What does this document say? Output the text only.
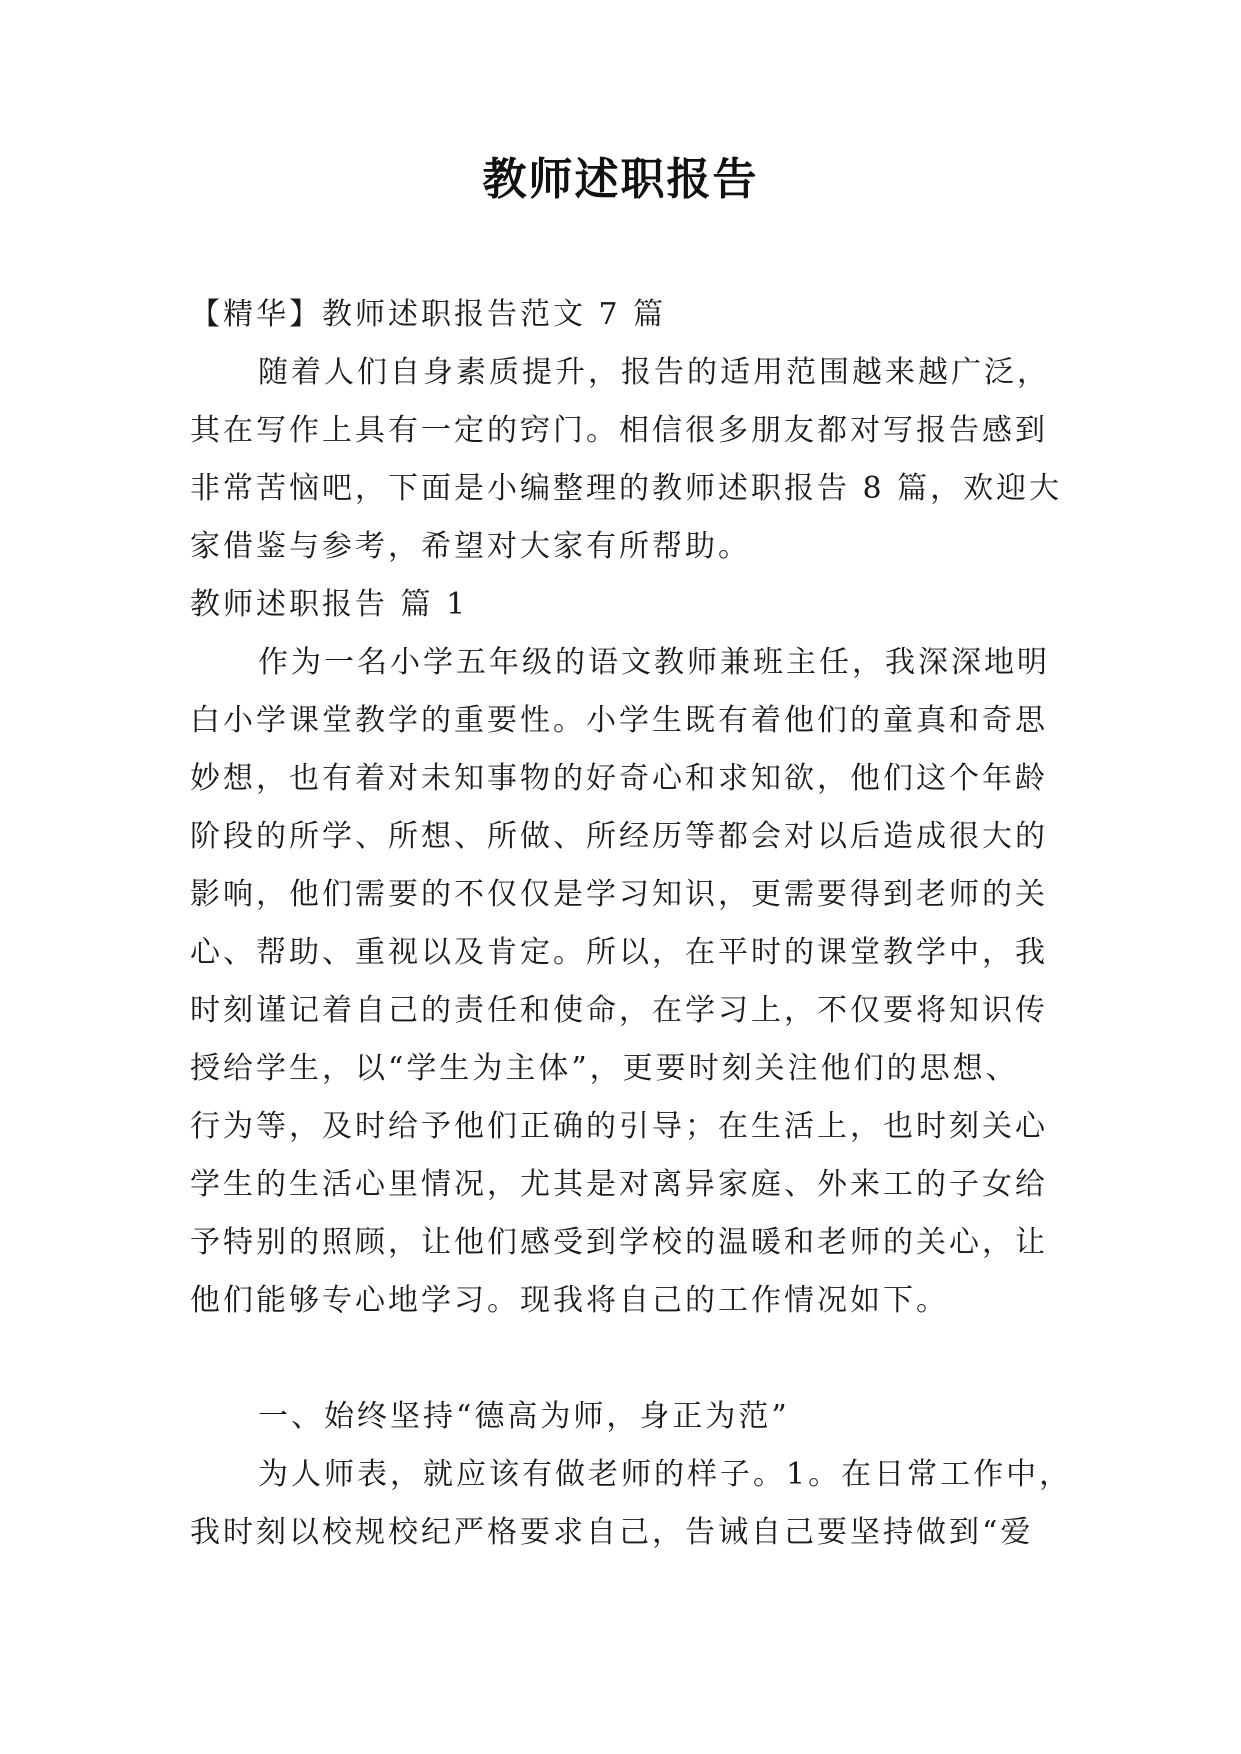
教师述职报告
【精华】教师述职报告范文 7 篇
随着人们自身素质提升，报告的适用范围越来越广泛，
其在写作上具有一定的窍门。相信很多朋友都对写报告感到
非常苦恼吧，下面是小编整理的教师述职报告 8 篇，欢迎大
家借鉴与参考，希望对大家有所帮助。
教师述职报告 篇 1
作为一名小学五年级的语文教师兼班主任，我深深地明
白小学课堂教学的重要性。小学生既有着他们的童真和奇思
妙想，也有着对未知事物的好奇心和求知欲，他们这个年龄
阶段的所学、所想、所做、所经历等都会对以后造成很大的
影响，他们需要的不仅仅是学习知识，更需要得到老师的关
心、帮助、重视以及肯定。所以，在平时的课堂教学中，我
时刻谨记着自己的责任和使命，在学习上，不仅要将知识传
授给学生，以“学生为主体”，更要时刻关注他们的思想、
行为等，及时给予他们正确的引导；在生活上，也时刻关心
学生的生活心里情况，尤其是对离异家庭、外来工的子女给
予特别的照顾，让他们感受到学校的温暖和老师的关心，让
他们能够专心地学习。现我将自己的工作情况如下。
一、始终坚持“德高为师，身正为范”
为人师表，就应该有做老师的样子。1。在日常工作中，
我时刻以校规校纪严格要求自己，告诫自己要坚持做到“爱
